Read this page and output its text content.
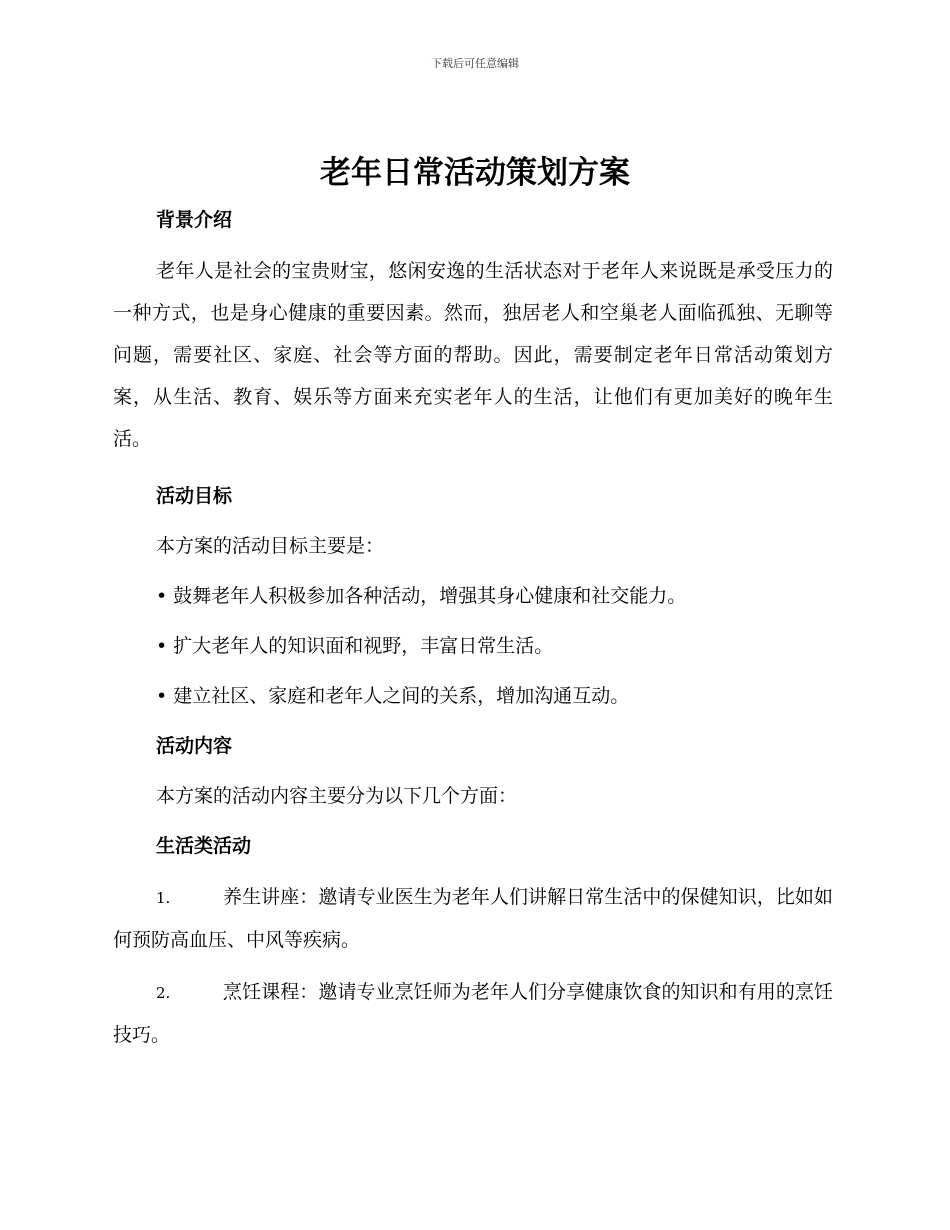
下载后可任意编辑
老年日常活动策划方案
背景介绍

老年人是社会的宝贵财宝，悠闲安逸的生活状态对于老年人来说既是承受压力的一种方式，也是身心健康的重要因素。然而，独居老人和空巢老人面临孤独、无聊等问题，需要社区、家庭、社会等方面的帮助。因此，需要制定老年日常活动策划方案，从生活、教育、娱乐等方面来充实老年人的生活，让他们有更加美好的晚年生活。

活动目标

本方案的活动目标主要是：

• 鼓舞老年人积极参加各种活动，增强其身心健康和社交能力。

• 扩大老年人的知识面和视野，丰富日常生活。

• 建立社区、家庭和老年人之间的关系，增加沟通互动。

活动内容

本方案的活动内容主要分为以下几个方面：

生活类活动

1.	养生讲座：邀请专业医生为老年人们讲解日常生活中的保健知识，比如如何预防高血压、中风等疾病。

2.	烹饪课程：邀请专业烹饪师为老年人们分享健康饮食的知识和有用的烹饪技巧。
